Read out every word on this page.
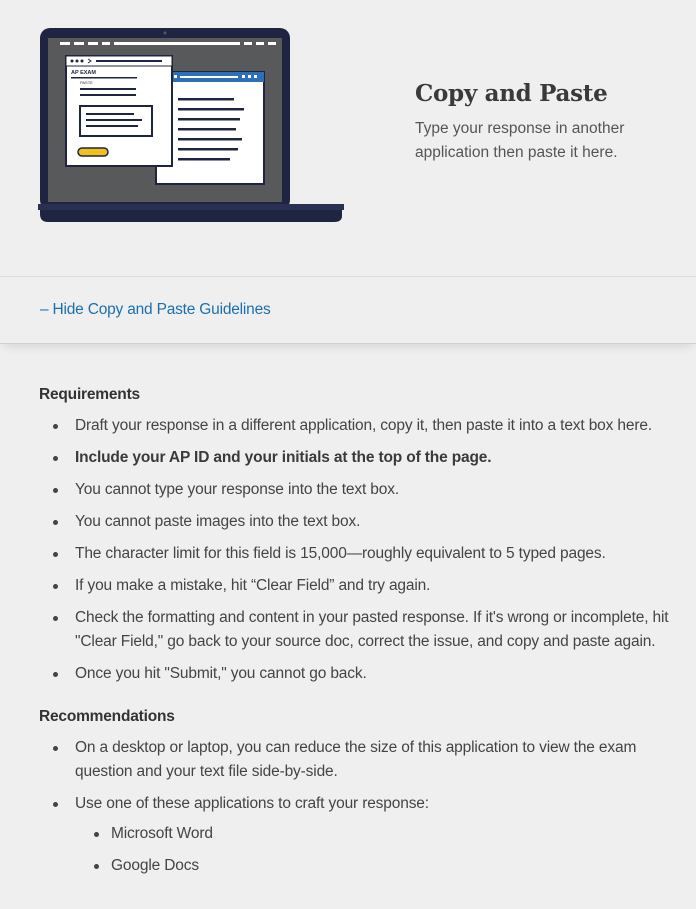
AP EXAM
PASTE	Copy and Paste

Type your response in another application then paste it here.

– Hide Copy and Paste Guidelines
Requirements
Draft your response in a different application, copy it, then paste it into a text box here.
Include your AP ID and your initials at the top of the page.
You cannot type your response into the text box.
You cannot paste images into the text box.
The character limit for this field is 15,000—roughly equivalent to 5 typed pages.
If you make a mistake, hit “Clear Field” and try again.
Check the formatting and content in your pasted response. If it's wrong or incomplete, hit "Clear Field," go back to your source doc, correct the issue, and copy and paste again.
Once you hit "Submit," you cannot go back.
Recommendations
On a desktop or laptop, you can reduce the size of this application to view the exam question and your text file side-by-side.
Use one of these applications to craft your response:
Microsoft Word
Google Docs
